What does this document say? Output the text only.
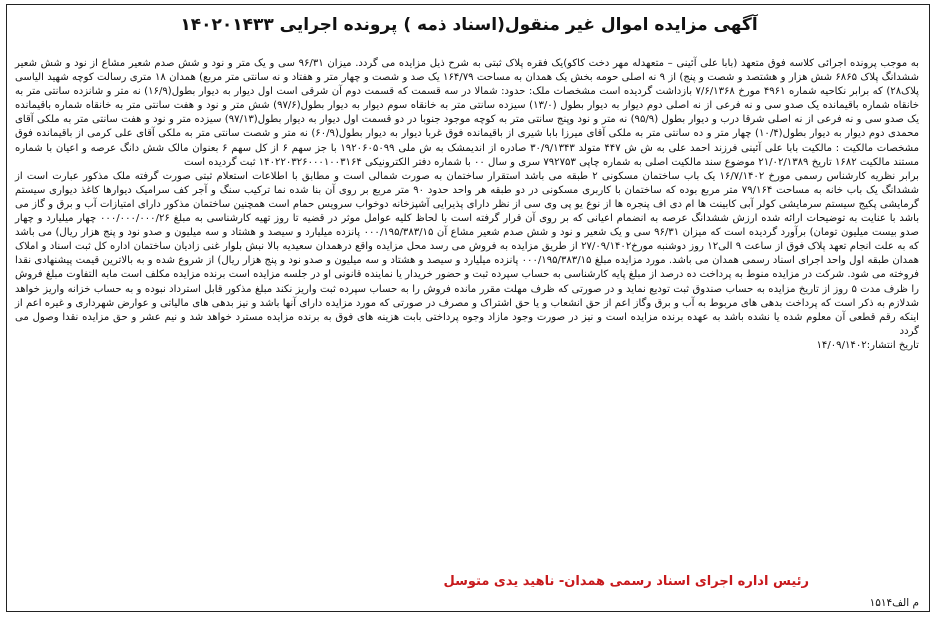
آگهی مزایده اموال غیر منقول(اسناد ذمه ) پرونده اجرایی ۱۴۰۲۰۱۴۳۳

به موجب پرونده اجرائی کلاسه فوق متعهد (بابا علی آئینی – متعهدله مهر دخت کاکو)یک فقره پلاک ثبتی به شرح ذیل مزایده می گردد. میزان ۹۶/۳۱ سی و یک متر و نود و شش صدم شعیر مشاع از نود و شش شعیر ششدانگ پلاک ۶۸۶۵ شش هزار و هشتصد و شصت و پنج) از ۹ نه اصلی حومه بخش یک همدان به مساحت ۱۶۴/۷۹ یک صد و شصت و چهار متر و هفتاد و نه سانتی متر مربع) همدان ۱۸ متری رسالت کوچه شهید الیاسی پلاک۲۸) که برابر نکاحیه شماره ۴۹۶۱ مورخ ۷/۶/۱۳۶۸ بازداشت گردیده است مشخصات ملک: حدود: شمالا در سه قسمت که قسمت دوم آن شرقی است اول دیوار به دیوار بطول(۱۶/۹) نه متر و شانزده سانتی متر به خانقاه شماره باقیمانده یک صدو سی و نه فرعی از نه اصلی دوم دیوار به دیوار بطول (۱۳/۰) سیزده سانتی متر به خانقاه سوم دیوار به دیوار بطول(۹۷/۶) شش متر و نود و هفت سانتی متر به خانقاه شماره باقیمانده یک صدو سی و نه فرعی از نه اصلی شرقا درب و دیوار بطول (۹۵/۹) نه متر و نود وپنج سانتی متر به کوچه موجود جنوبا در دو قسمت اول دیوار به دیوار بطول(۹۷/۱۳) سیزده متر و نود و هفت سانتی متر به ملکی آقای محمدی دوم دیوار به دیوار بطول(۱۰/۴) چهار متر و ده سانتی متر به ملکی آقای میرزا بابا شیری از باقیمانده فوق غربا دیوار به دیوار بطول(۶۰/۹) نه متر و شصت سانتی متر به ملکی آقای علی کرمی از باقیمانده فوق مشخصات مالکیت : مالکیت بابا علی آئینی فرزند احمد علی به ش ش ۴۴۷ متولد ۳۰/۹/۱۳۴۳ صادره از اندیمشک به ش ملی ۱۹۲۰۶۰۵۰۹۹ با جز سهم ۶ از کل سهم ۶ بعنوان مالک شش دانگ عرصه و اعیان با شماره مستند مالکیت ۱۶۸۲ تاریخ ۲۱/۰۲/۱۳۸۹ موضوع سند مالکیت اصلی به شماره چاپی ۷۹۲۷۵۳ سری و سال ۰۰ با شماره دفتر الکترونیکی ۱۴۰۲۲۰۳۲۶۰۰۰۱۰۰۳۱۶۴ ثبت گردیده است

برابر نظریه کارشناس رسمی مورخ ۱۶/۷/۱۴۰۲ یک باب ساختمان مسکونی ۲ طبقه می باشد استقرار ساختمان به صورت شمالی است و مطابق با اطلاعات استعلام ثبتی صورت گرفته ملک مذکور عبارت است از ششدانگ یک باب خانه به مساحت ۷۹/۱۶۴ متر مربع بوده که ساختمان با کاربری مسکونی در دو طبقه هر واحد حدود ۹۰ متر مربع بر روی آن بنا شده نما ترکیب سنگ و آجر کف سرامیک دیوارها کاغذ دیواری سیستم گرمایشی پکیج سیستم سرمایشی کولر آبی کابینت ها ام دی اف پنجره ها از نوع یو پی وی سی از نظر دارای پذیرایی آشپزخانه دوخواب سرویس حمام است همچنین ساختمان مذکور دارای امتیازات آب و برق و گاز می باشد با عنایت به توضیحات ارائه شده ارزش ششدانگ عرصه به انضمام اعیانی که بر روی آن قرار گرفته است با لحاظ کلیه عوامل موثر در قضیه تا روز تهیه کارشناسی به مبلغ ۰۰۰/۰۰۰/۰۰۰/۲۶ چهار میلیارد و چهار صدو بیست میلیون تومان) برآورد گردیده است که میزان ۹۶/۳۱ سی و یک شعیر و نود و شش صدم شعیر مشاع آن ۰۰۰/۱۹۵/۳۸۳/۱۵ پانزده میلیارد و سیصد و هشتاد و سه میلیون و صدو نود و پنج هزار ریال) می باشد که به علت انجام تعهد پلاک فوق از ساعت ۹ الی۱۲ روز دوشنبه مورخ۲۷/۰۹/۱۴۰۲ از طریق مزایده به فروش می رسد محل مزایده واقع درهمدان سعیدیه بالا نبش بلوار غنی زادیان ساختمان اداره کل ثبت اسناد و املاک همدان طبقه اول واحد اجرای اسناد رسمی همدان می باشد. مورد مزایده مبلغ ۰۰۰/۱۹۵/۳۸۳/۱۵ پانزده میلیارد و سیصد و هشتاد و سه میلیون و صدو نود و پنج هزار ریال) از شروع شده و به بالاترین قیمت پیشنهادی نقدا فروخته می شود. شرکت در مزایده منوط به پرداخت ده درصد از مبلغ پایه کارشناسی به حساب سپرده ثبت و حضور خریدار یا نماینده قانونی او در جلسه مزایده است برنده مزایده مکلف است مابه التفاوت مبلغ فروش را ظرف مدت ۵ روز از تاریخ مزایده به حساب صندوق ثبت تودیع نماید و در صورتی که ظرف مهلت مقرر مانده فروش را به حساب سپرده ثبت واریز نکند مبلغ مذکور قابل استرداد نبوده و به حساب خزانه واریز خواهد شدلازم به ذکر است که پرداخت بدهی های مربوط به آب و برق وگاز اعم از حق انشعاب و یا حق اشتراک و مصرف در صورتی که مورد مزایده دارای آنها باشد و نیز بدهی های مالیاتی و عوارض شهرداری و غیره اعم از اینکه رقم قطعی آن معلوم شده یا نشده باشد به عهده برنده مزایده است و نیز در صورت وجود مازاد وجوه پرداختی بابت هزینه های فوق به برنده مزایده مسترد خواهد شد و نیم عشر و حق مزایده نقدا وصول می گردد

تاریخ انتشار:۱۴/۰۹/۱۴۰۲

رئیس اداره اجرای اسناد رسمی همدان- ناهید یدی متوسل
م الف۱۵۱۴
